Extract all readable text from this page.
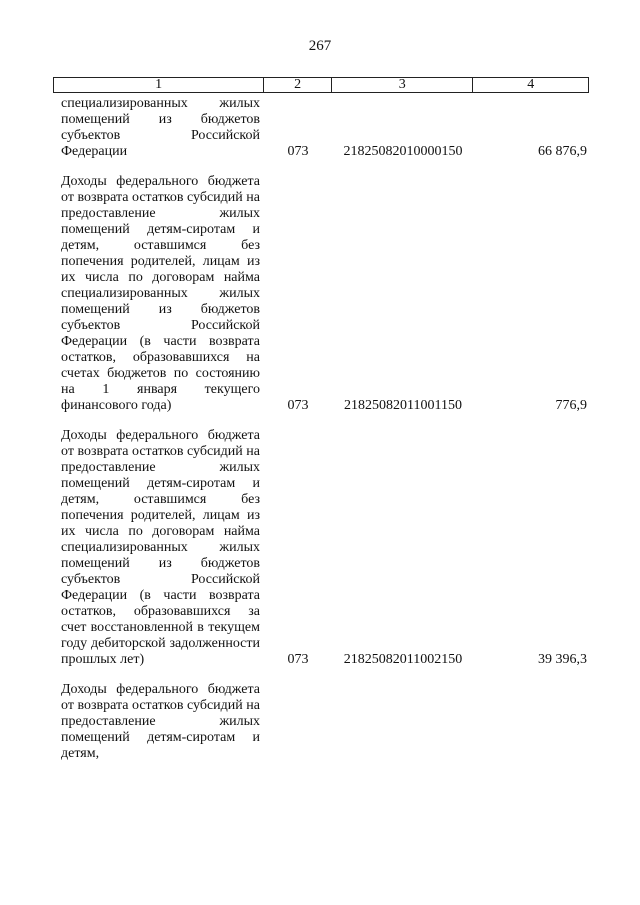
267
1	2	3	4
специализированных жилых помещений из бюджетов субъектов Российской Федерации	073	21825082010000150	66 876,9
Доходы федерального бюджета от возврата остатков субсидий на предоставление жилых помещений детям-сиротам и детям, оставшимся без попечения родителей, лицам из их числа по договорам найма специализированных жилых помещений из бюджетов субъектов Российской Федерации (в части возврата остатков, образовавшихся на счетах бюджетов по состоянию на 1 января текущего финансового года)	073	21825082011001150	776,9
Доходы федерального бюджета от возврата остатков субсидий на предоставление жилых помещений детям-сиротам и детям, оставшимся без попечения родителей, лицам из их числа по договорам найма специализированных жилых помещений из бюджетов субъектов Российской Федерации (в части возврата остатков, образовавшихся за счет восстановленной в текущем году дебиторской задолженности прошлых лет)	073	21825082011002150	39 396,3
Доходы федерального бюджета от возврата остатков субсидий на предоставление жилых помещений детям-сиротам и детям,
